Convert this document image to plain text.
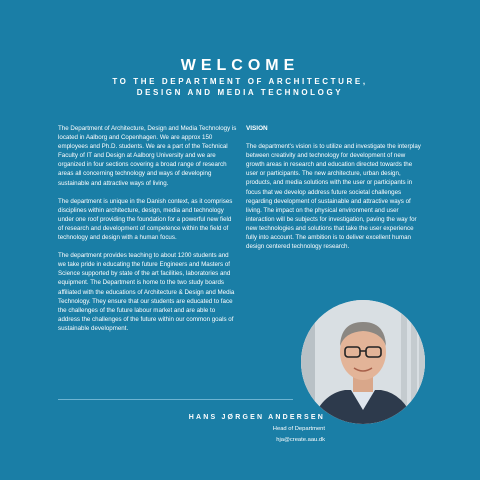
WELCOME
TO THE DEPARTMENT OF ARCHITECTURE, DESIGN AND MEDIA TECHNOLOGY

The Department of Architecture, Design and Media Technology is located in Aalborg and Copenhagen. We are approx 150 employees and Ph.D. students. We are a part of the Technical Faculty of IT and Design at Aalborg University and we are organized in four sections covering a broad range of research areas all concerning technology and ways of developing sustainable and attractive ways of living.

The department is unique in the Danish context, as it comprises disciplines within architecture, design, media and technology under one roof providing the foundation for a powerful new field of research and development of competence within the field of technology and design with a human focus.

The department provides teaching to about 1200 students and we take pride in educating the future Engineers and Masters of Science supported by state of the art facilities, laboratories and equipment. The Department is home to the two study boards affiliated with the educations of Architecture & Design and Media Technology. They ensure that our students are educated to face the challenges of the future labour market and are able to address the challenges of the future within our common goals of sustainable development.

VISION

The department's vision is to utilize and investigate the interplay between creativity and technology for development of new growth areas in research and education directed towards the user or participants. The new architecture, urban design, products, and media solutions with the user or participants in focus that we develop address future societal challenges regarding development of sustainable and attractive ways of living. The impact on the physical environment and user interaction will be subjects for investigation, paving the way for new technologies and solutions that take the user experience fully into account. The ambition is to deliver excellent human design centered technology research.

HANS JØRGEN ANDERSEN
Head of Department
hja@create.aau.dk
